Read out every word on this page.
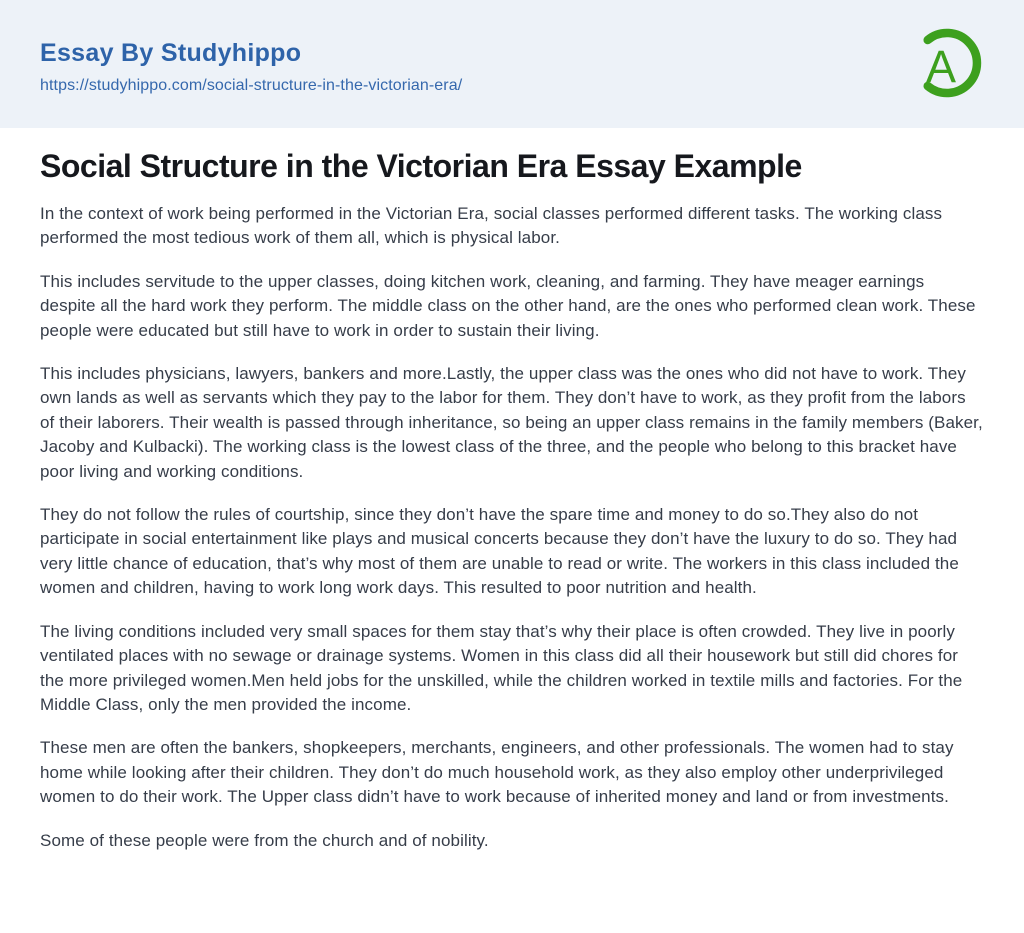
Essay By Studyhippo
https://studyhippo.com/social-structure-in-the-victorian-era/	A
Social Structure in the Victorian Era Essay Example

In the context of work being performed in the Victorian Era, social classes performed different tasks. The working class performed the most tedious work of them all, which is physical labor.

This includes servitude to the upper classes, doing kitchen work, cleaning, and farming. They have meager earnings despite all the hard work they perform. The middle class on the other hand, are the ones who performed clean work. These people were educated but still have to work in order to sustain their living.

This includes physicians, lawyers, bankers and more.Lastly, the upper class was the ones who did not have to work. They own lands as well as servants which they pay to the labor for them. They don’t have to work, as they profit from the labors of their laborers. Their wealth is passed through inheritance, so being an upper class remains in the family members (Baker, Jacoby and Kulbacki). The working class is the lowest class of the three, and the people who belong to this bracket have poor living and working conditions.

They do not follow the rules of courtship, since they don’t have the spare time and money to do so.They also do not participate in social entertainment like plays and musical concerts because they don’t have the luxury to do so. They had very little chance of education, that’s why most of them are unable to read or write. The workers in this class included the women and children, having to work long work days. This resulted to poor nutrition and health.

The living conditions included very small spaces for them stay that’s why their place is often crowded. They live in poorly ventilated places with no sewage or drainage systems. Women in this class did all their housework but still did chores for the more privileged women.Men held jobs for the unskilled, while the children worked in textile mills and factories. For the Middle Class, only the men provided the income.

These men are often the bankers, shopkeepers, merchants, engineers, and other professionals. The women had to stay home while looking after their children. They don’t do much household work, as they also employ other underprivileged women to do their work. The Upper class didn’t have to work because of inherited money and land or from investments.

Some of these people were from the church and of nobility.
